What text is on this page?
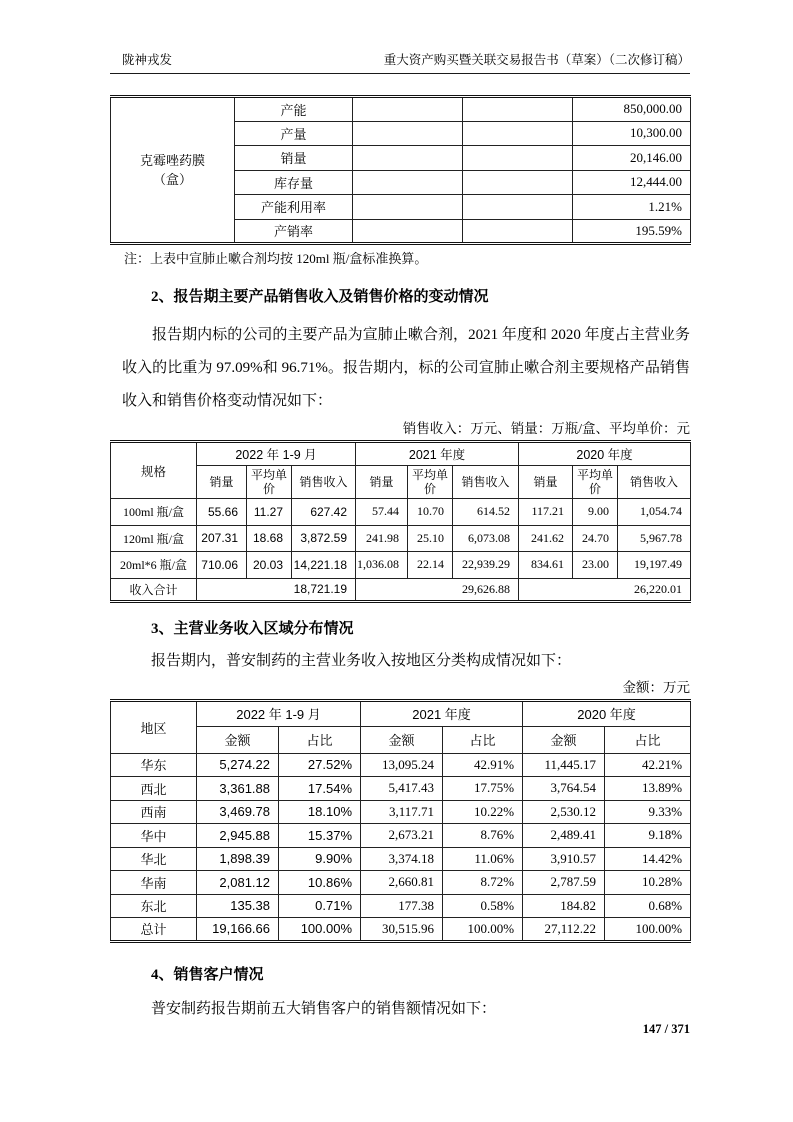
陇神戎发	重大资产购买暨关联交易报告书（草案）（二次修订稿）
克霉唑药膜
（盒）	产能			850,000.00
	产量			10,300.00
	销量			20,146.00
	库存量			12,444.00
	产能利用率			1.21%
	产销率			195.59%
注：上表中宣肺止嗽合剂均按 120ml 瓶/盒标准换算。
2、报告期主要产品销售收入及销售价格的变动情况
报告期内标的公司的主要产品为宣肺止嗽合剂，2021 年度和 2020 年度占主营业务收入的比重为 97.09%和 96.71%。报告期内，标的公司宣肺止嗽合剂主要规格产品销售收入和销售价格变动情况如下：
销售收入：万元、销量：万瓶/盒、平均单价：元
规格	2022 年 1-9 月			2021 年度			2020 年度		
	销量	平均单价	销售收入	销量	平均单价	销售收入	销量	平均单价	销售收入
100ml 瓶/盒	55.66	11.27	627.42	57.44	10.70	614.52	117.21	9.00	1,054.74
120ml 瓶/盒	207.31	18.68	3,872.59	241.98	25.10	6,073.08	241.62	24.70	5,967.78
20ml*6 瓶/盒	710.06	20.03	14,221.18	1,036.08	22.14	22,939.29	834.61	23.00	19,197.49
收入合计	18,721.19			29,626.88			26,220.01		
3、主营业务收入区域分布情况
报告期内，普安制药的主营业务收入按地区分类构成情况如下：
金额：万元
地区	2022 年 1-9 月		2021 年度		2020 年度	
	金额	占比	金额	占比	金额	占比
华东	5,274.22	27.52%	13,095.24	42.91%	11,445.17	42.21%
西北	3,361.88	17.54%	5,417.43	17.75%	3,764.54	13.89%
西南	3,469.78	18.10%	3,117.71	10.22%	2,530.12	9.33%
华中	2,945.88	15.37%	2,673.21	8.76%	2,489.41	9.18%
华北	1,898.39	9.90%	3,374.18	11.06%	3,910.57	14.42%
华南	2,081.12	10.86%	2,660.81	8.72%	2,787.59	10.28%
东北	135.38	0.71%	177.38	0.58%	184.82	0.68%
总计	19,166.66	100.00%	30,515.96	100.00%	27,112.22	100.00%
4、销售客户情况
普安制药报告期前五大销售客户的销售额情况如下：
147 / 371
